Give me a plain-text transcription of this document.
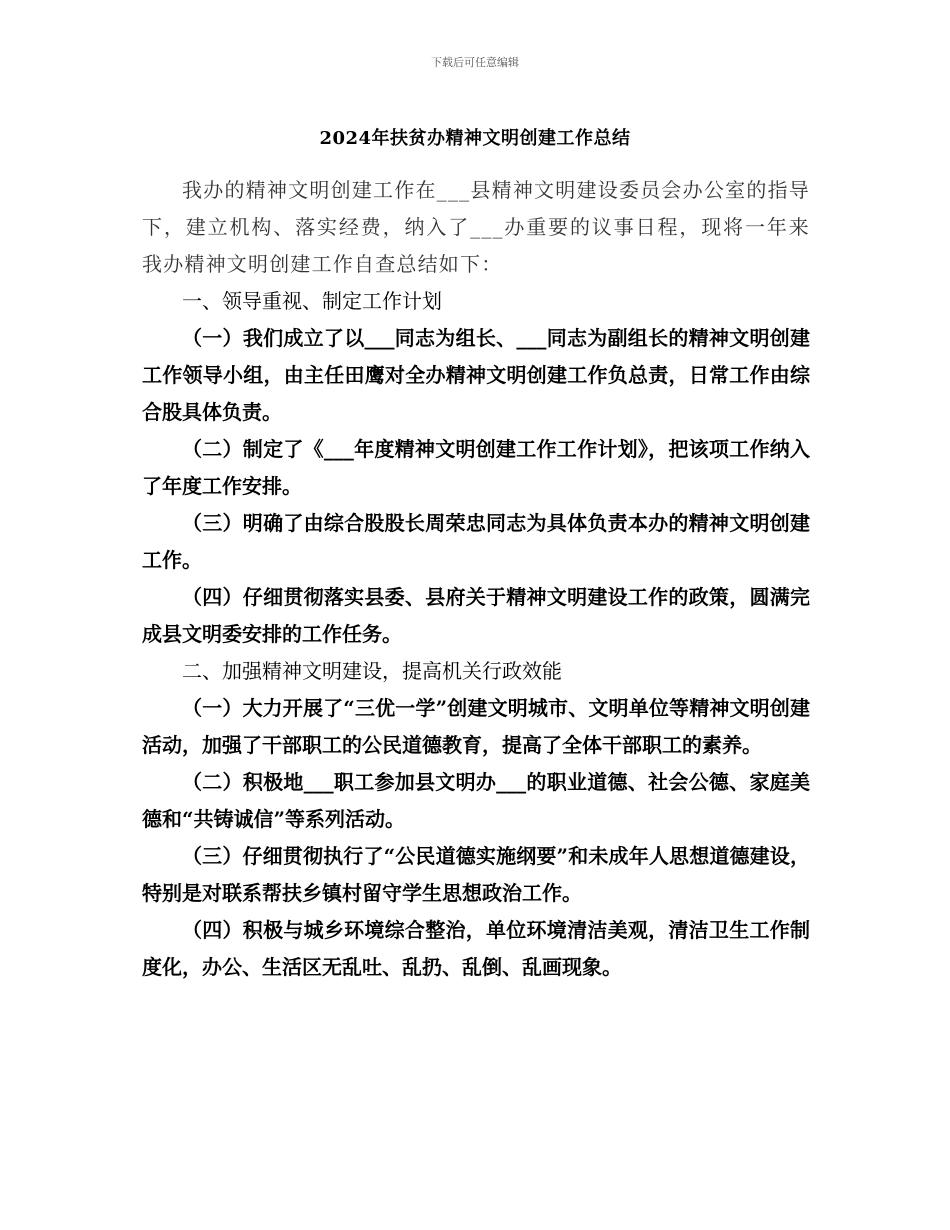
下载后可任意编辑
2024年扶贫办精神文明创建工作总结

我办的精神文明创建工作在___县精神文明建设委员会办公室的指导下，建立机构、落实经费，纳入了___办重要的议事日程，现将一年来我办精神文明创建工作自查总结如下：

一、领导重视、制定工作计划

（一）我们成立了以___同志为组长、___同志为副组长的精神文明创建工作领导小组，由主任田鹰对全办精神文明创建工作负总责，日常工作由综合股具体负责。

（二）制定了《___年度精神文明创建工作工作计划》，把该项工作纳入了年度工作安排。

（三）明确了由综合股股长周荣忠同志为具体负责本办的精神文明创建工作。

（四）仔细贯彻落实县委、县府关于精神文明建设工作的政策，圆满完成县文明委安排的工作任务。

二、加强精神文明建设，提高机关行政效能

（一）大力开展了“三优一学”创建文明城市、文明单位等精神文明创建活动，加强了干部职工的公民道德教育，提高了全体干部职工的素养。

（二）积极地___职工参加县文明办___的职业道德、社会公德、家庭美德和“共铸诚信”等系列活动。

（三）仔细贯彻执行了“公民道德实施纲要”和未成年人思想道德建设，特别是对联系帮扶乡镇村留守学生思想政治工作。

（四）积极与城乡环境综合整治，单位环境清洁美观，清洁卫生工作制度化，办公、生活区无乱吐、乱扔、乱倒、乱画现象。
